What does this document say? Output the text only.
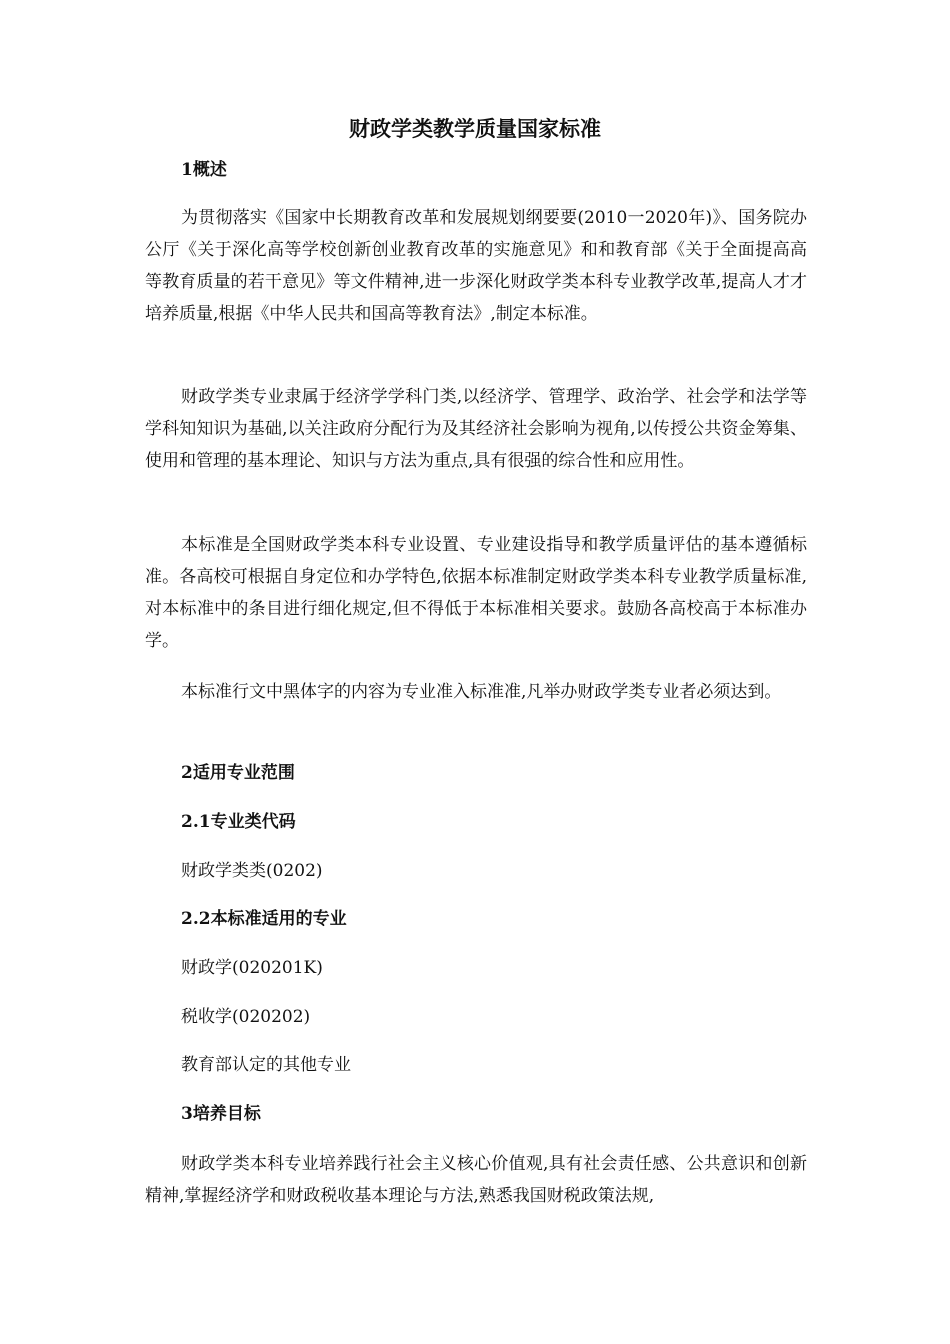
财政学类教学质量国家标准
1概述

为贯彻落实《国家中长期教育改革和发展规划纲要要(2010一2020年)》、国务院办公厅《关于深化高等学校创新创业教育改革的实施意见》和和教育部《关于全面提高高等教育质量的若干意见》等文件精神,进一步深化财政学类本科专业教学改革,提高人才才培养质量,根据《中华人民共和国高等教育法》,制定本标准。

财政学类专业隶属于经济学学科门类,以经济学、管理学、政治学、社会学和法学等学科知知识为基础,以关注政府分配行为及其经济社会影响为视角,以传授公共资金筹集、使用和管理的基本理论、知识与方法为重点,具有很强的综合性和应用性。

本标准是全国财政学类本科专业设置、专业建设指导和教学质量评估的基本遵循标准。各高校可根据自身定位和办学特色,依据本标准制定财政学类本科专业教学质量标准,对本标准中的条目进行细化规定,但不得低于本标准相关要求。鼓励各高校高于本标准办学。

本标准行文中黑体字的内容为专业准入标准准,凡举办财政学类专业者必须达到。

2适用专业范围
2.1专业类代码
财政学类类(0202)
2.2本标准适用的专业
财政学(020201K)
税收学(020202)
教育部认定的其他专业
3培养目标

财政学类本科专业培养践行社会主义核心价值观,具有社会责任感、公共意识和创新精神,掌握经济学和财政税收基本理论与方法,熟悉我国财税政策法规,
